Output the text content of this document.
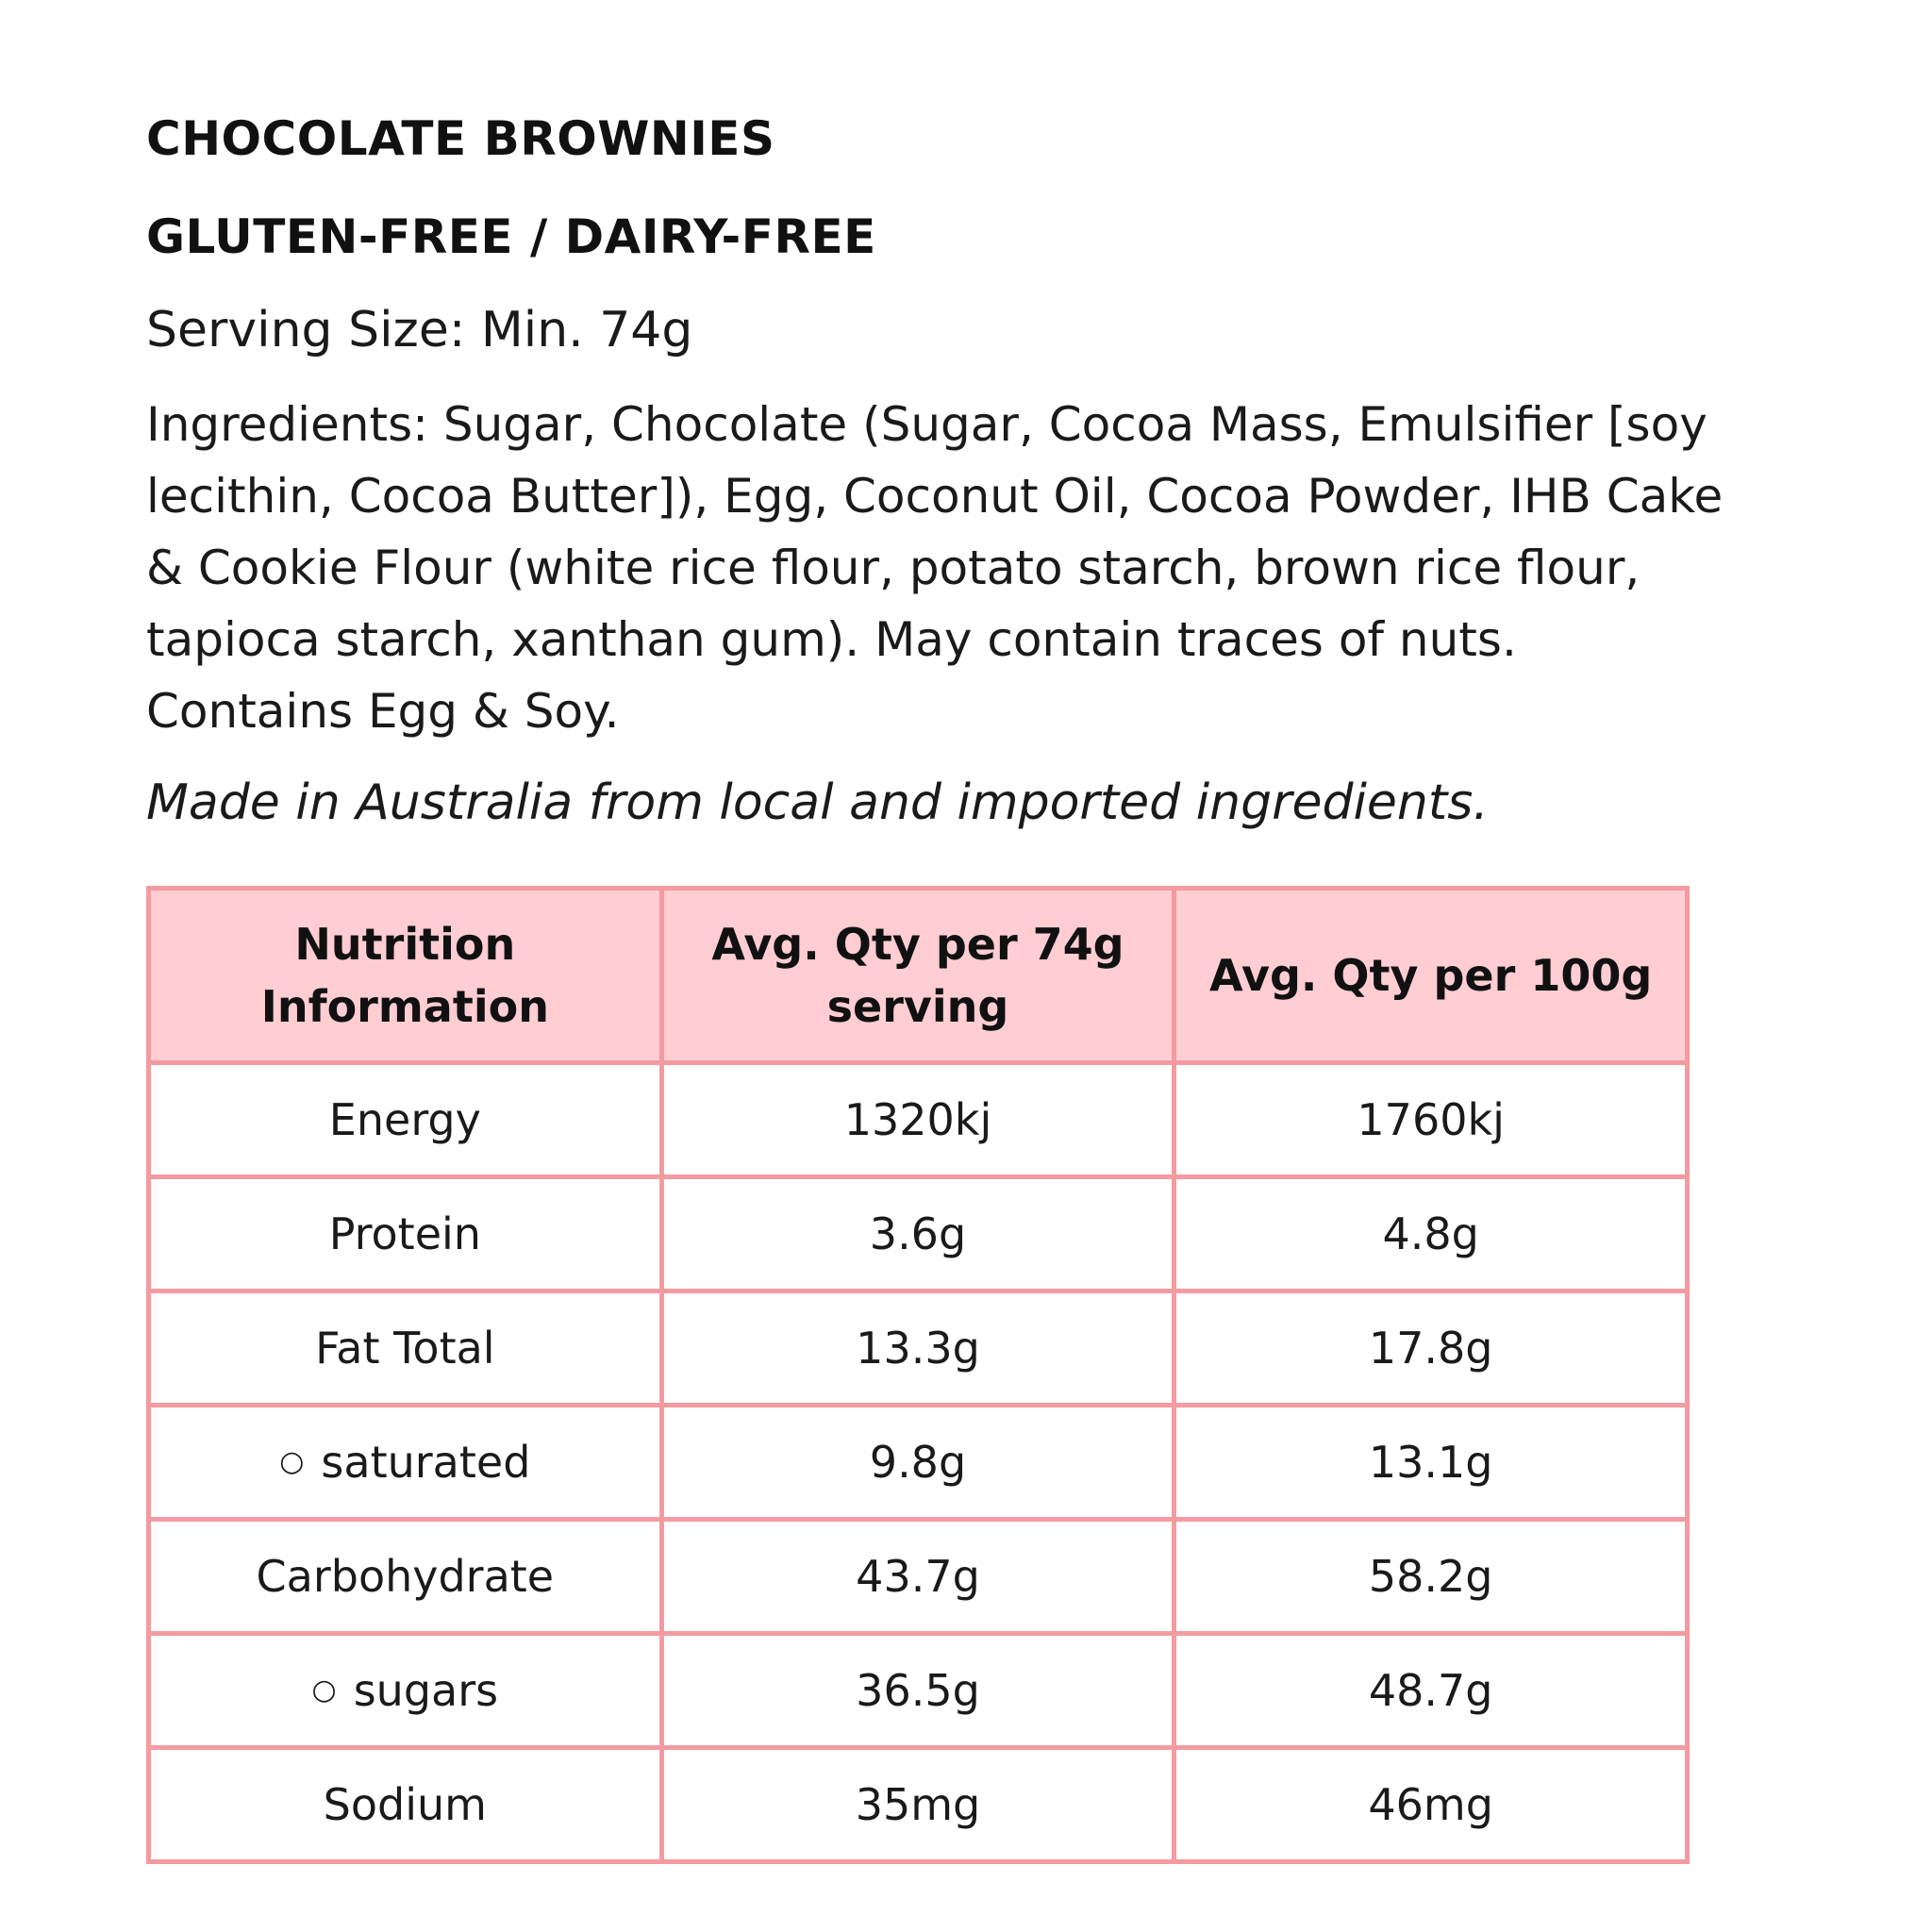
CHOCOLATE BROWNIES
GLUTEN-FREE / DAIRY-FREE
Serving Size: Min. 74g
Ingredients: Sugar, Chocolate (Sugar, Cocoa Mass, Emulsifier [soy lecithin, Cocoa Butter]), Egg, Coconut Oil, Cocoa Powder, IHB Cake & Cookie Flour (white rice flour, potato starch, brown rice flour, tapioca starch, xanthan gum). May contain traces of nuts. Contains Egg & Soy.
Made in Australia from local and imported ingredients.
Nutrition Information	Avg. Qty per 74g serving	Avg. Qty per 100g
Energy	1320kj	1760kj
Protein	3.6g	4.8g
Fat Total	13.3g	17.8g
○ saturated	9.8g	13.1g
Carbohydrate	43.7g	58.2g
○ sugars	36.5g	48.7g
Sodium	35mg	46mg
